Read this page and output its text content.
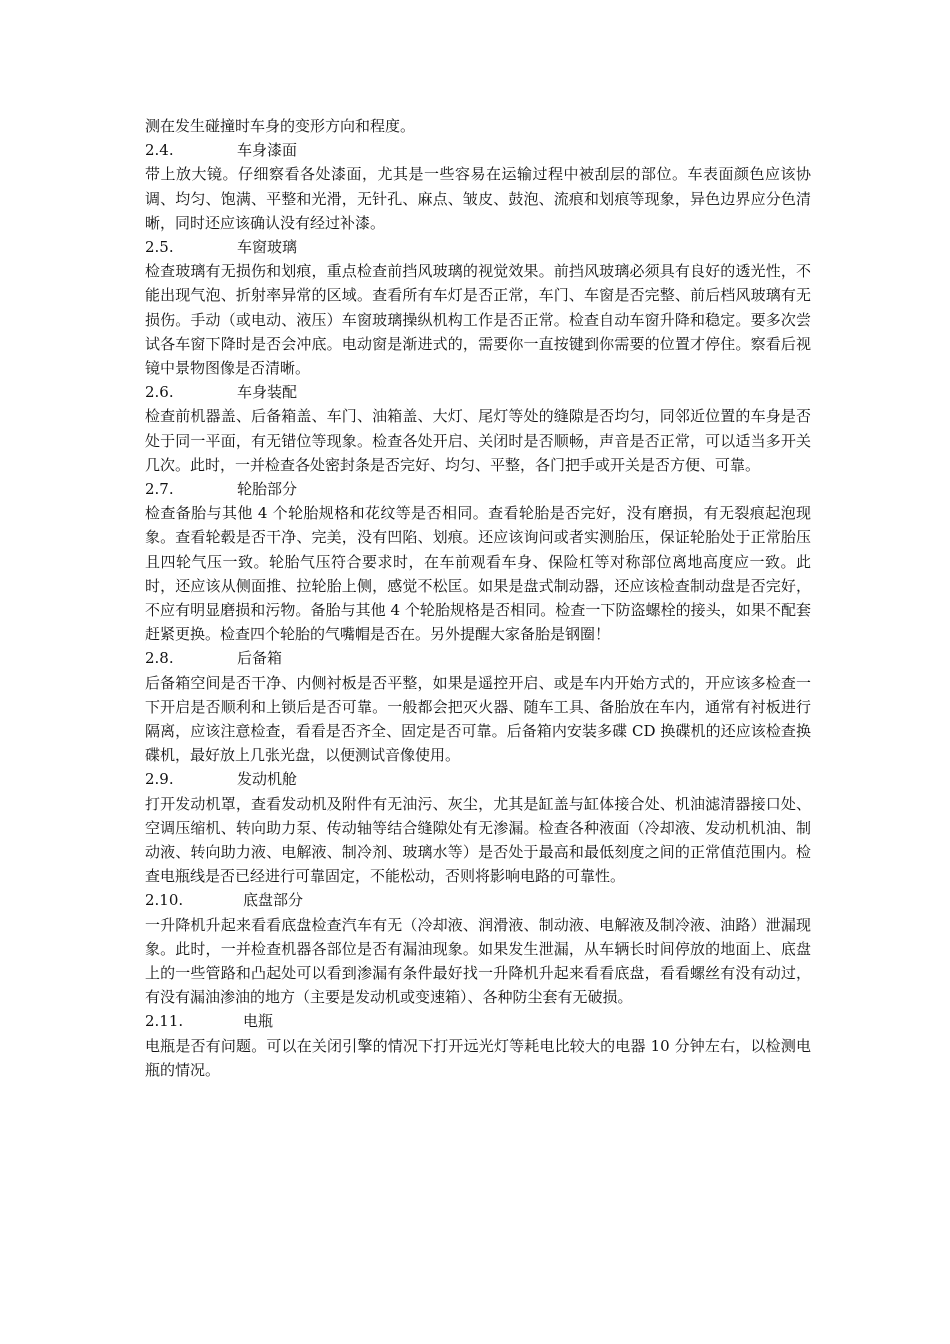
测在发生碰撞时车身的变形方向和程度。

2.4.	车身漆面

带上放大镜。仔细察看各处漆面，尤其是一些容易在运输过程中被刮层的部位。车表面颜色应该协调、均匀、饱满、平整和光滑，无针孔、麻点、皱皮、鼓泡、流痕和划痕等现象，异色边界应分色清晰，同时还应该确认没有经过补漆。

2.5.	车窗玻璃

检查玻璃有无损伤和划痕，重点检查前挡风玻璃的视觉效果。前挡风玻璃必须具有良好的透光性，不能出现气泡、折射率异常的区域。查看所有车灯是否正常，车门、车窗是否完整、前后档风玻璃有无损伤。手动（或电动、液压）车窗玻璃操纵机构工作是否正常。检查自动车窗升降和稳定。要多次尝试各车窗下降时是否会冲底。电动窗是渐进式的，需要你一直按键到你需要的位置才停住。察看后视镜中景物图像是否清晰。

2.6.	车身装配

检查前机器盖、后备箱盖、车门、油箱盖、大灯、尾灯等处的缝隙是否均匀，同邻近位置的车身是否处于同一平面，有无错位等现象。检查各处开启、关闭时是否顺畅，声音是否正常，可以适当多开关几次。此时，一并检查各处密封条是否完好、均匀、平整，各门把手或开关是否方便、可靠。

2.7.	轮胎部分

检查备胎与其他 4 个轮胎规格和花纹等是否相同。查看轮胎是否完好，没有磨损，有无裂痕起泡现象。查看轮毂是否干净、完美，没有凹陷、划痕。还应该询问或者实测胎压，保证轮胎处于正常胎压且四轮气压一致。轮胎气压符合要求时，在车前观看车身、保险杠等对称部位离地高度应一致。此时，还应该从侧面推、拉轮胎上侧，感觉不松匡。如果是盘式制动器，还应该检查制动盘是否完好，不应有明显磨损和污物。备胎与其他 4 个轮胎规格是否相同。检查一下防盗螺栓的接头，如果不配套赶紧更换。检查四个轮胎的气嘴帽是否在。另外提醒大家备胎是钢圈！

2.8.	后备箱

后备箱空间是否干净、内侧衬板是否平整，如果是遥控开启、或是车内开始方式的，开应该多检查一下开启是否顺利和上锁后是否可靠。一般都会把灭火器、随车工具、备胎放在车内，通常有衬板进行隔离，应该注意检查，看看是否齐全、固定是否可靠。后备箱内安装多碟 CD 换碟机的还应该检查换碟机，最好放上几张光盘，以便测试音像使用。

2.9.	发动机舱

打开发动机罩，查看发动机及附件有无油污、灰尘，尤其是缸盖与缸体接合处、机油滤清器接口处、空调压缩机、转向助力泵、传动轴等结合缝隙处有无渗漏。检查各种液面（冷却液、发动机机油、制动液、转向助力液、电解液、制冷剂、玻璃水等）是否处于最高和最低刻度之间的正常值范围内。检查电瓶线是否已经进行可靠固定，不能松动，否则将影响电路的可靠性。

2.10.	底盘部分

一升降机升起来看看底盘检查汽车有无（冷却液、润滑液、制动液、电解液及制冷液、油路）泄漏现象。此时，一并检查机器各部位是否有漏油现象。如果发生泄漏，从车辆长时间停放的地面上、底盘上的一些管路和凸起处可以看到渗漏有条件最好找一升降机升起来看看底盘，看看螺丝有没有动过，有没有漏油渗油的地方（主要是发动机或变速箱）、各种防尘套有无破损。

2.11.	电瓶

电瓶是否有问题。可以在关闭引擎的情况下打开远光灯等耗电比较大的电器 10 分钟左右，以检测电瓶的情况。
